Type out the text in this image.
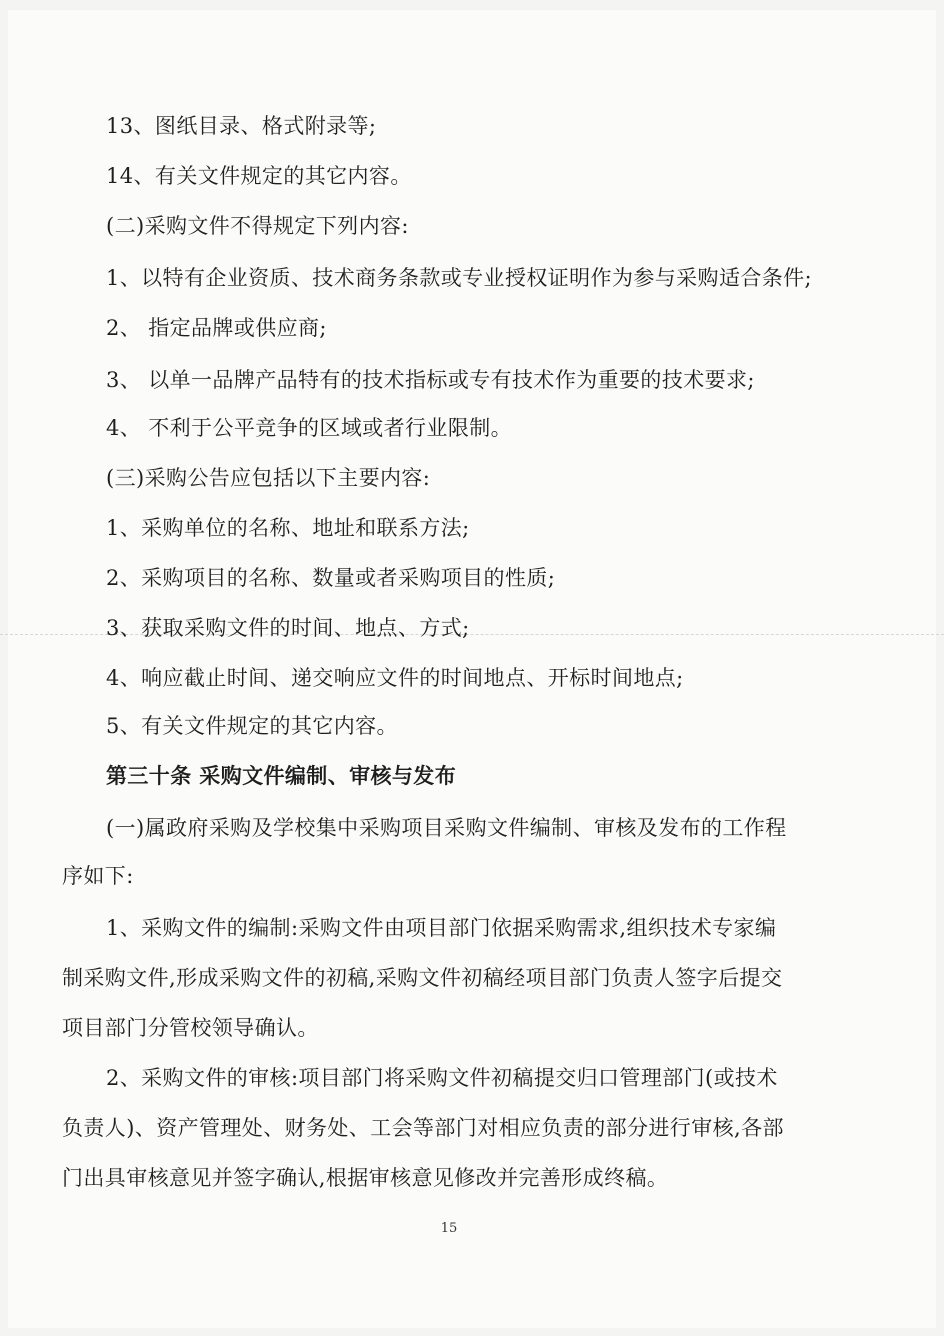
13、图纸目录、格式附录等;
14、有关文件规定的其它内容。
(二)采购文件不得规定下列内容:
1、以特有企业资质、技术商务条款或专业授权证明作为参与采购适合条件;
2、 指定品牌或供应商;
3、 以单一品牌产品特有的技术指标或专有技术作为重要的技术要求;
4、 不利于公平竞争的区域或者行业限制。
(三)采购公告应包括以下主要内容:
1、采购单位的名称、地址和联系方法;
2、采购项目的名称、数量或者采购项目的性质;
3、获取采购文件的时间、地点、方式;
4、响应截止时间、递交响应文件的时间地点、开标时间地点;
5、有关文件规定的其它内容。
第三十条 采购文件编制、审核与发布
(一)属政府采购及学校集中采购项目采购文件编制、审核及发布的工作程
序如下:
1、采购文件的编制:采购文件由项目部门依据采购需求,组织技术专家编
制采购文件,形成采购文件的初稿,采购文件初稿经项目部门负责人签字后提交
项目部门分管校领导确认。
2、采购文件的审核:项目部门将采购文件初稿提交归口管理部门(或技术
负责人)、资产管理处、财务处、工会等部门对相应负责的部分进行审核,各部
门出具审核意见并签字确认,根据审核意见修改并完善形成终稿。
15
